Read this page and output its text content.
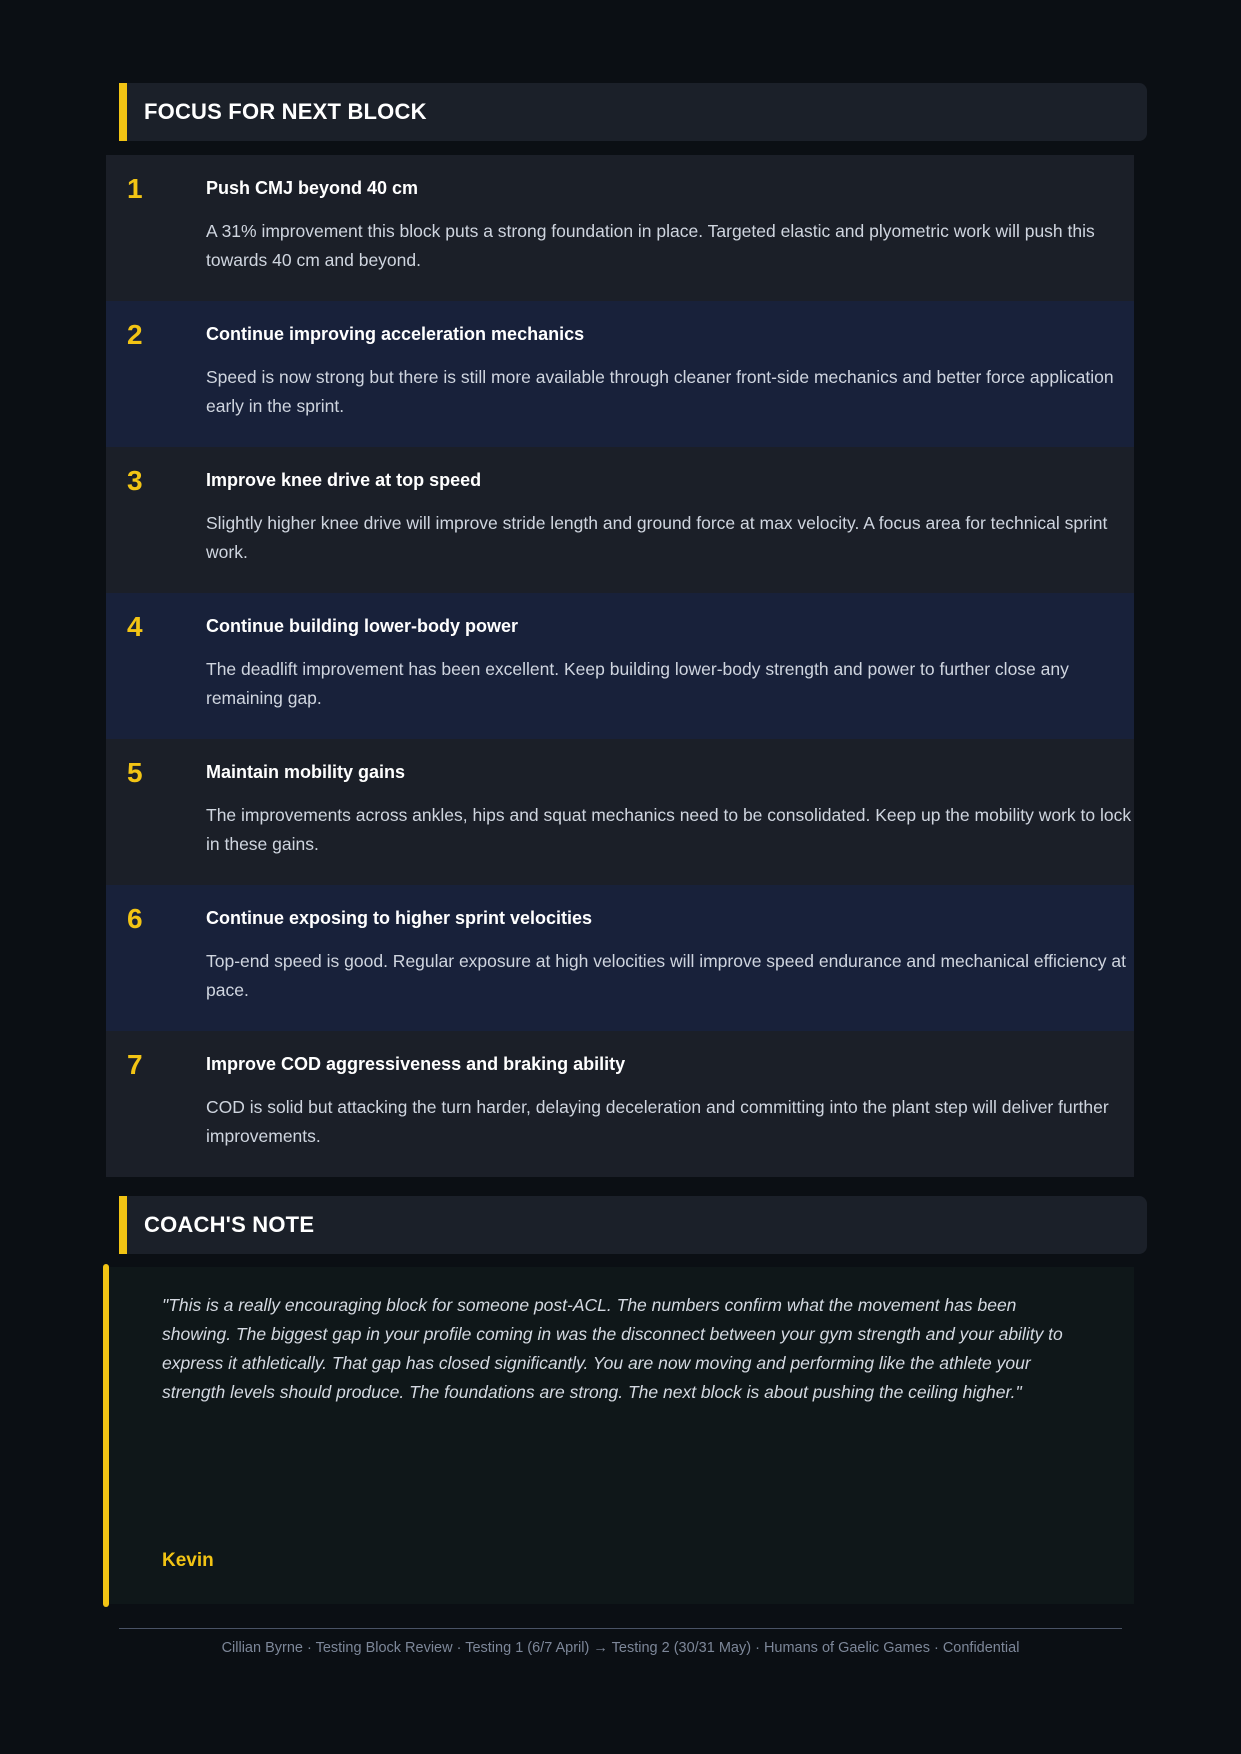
FOCUS FOR NEXT BLOCK
1	Push CMJ beyond 40 cm
A 31% improvement this block puts a strong foundation in place. Targeted elastic and plyometric work will push this towards 40 cm and beyond.
2	Continue improving acceleration mechanics
Speed is now strong but there is still more available through cleaner front-side mechanics and better force application early in the sprint.
3	Improve knee drive at top speed
Slightly higher knee drive will improve stride length and ground force at max velocity. A focus area for technical sprint work.
4	Continue building lower-body power
The deadlift improvement has been excellent. Keep building lower-body strength and power to further close any remaining gap.
5	Maintain mobility gains
The improvements across ankles, hips and squat mechanics need to be consolidated. Keep up the mobility work to lock in these gains.
6	Continue exposing to higher sprint velocities
Top-end speed is good. Regular exposure at high velocities will improve speed endurance and mechanical efficiency at pace.
7	Improve COD aggressiveness and braking ability
COD is solid but attacking the turn harder, delaying deceleration and committing into the plant step will deliver further improvements.
COACH'S NOTE
"This is a really encouraging block for someone post-ACL. The numbers confirm what the movement has been showing. The biggest gap in your profile coming in was the disconnect between your gym strength and your ability to express it athletically. That gap has closed significantly. You are now moving and performing like the athlete your strength levels should produce. The foundations are strong. The next block is about pushing the ceiling higher."
Kevin
Cillian Byrne · Testing Block Review · Testing 1 (6/7 April) → Testing 2 (30/31 May) · Humans of Gaelic Games · Confidential
